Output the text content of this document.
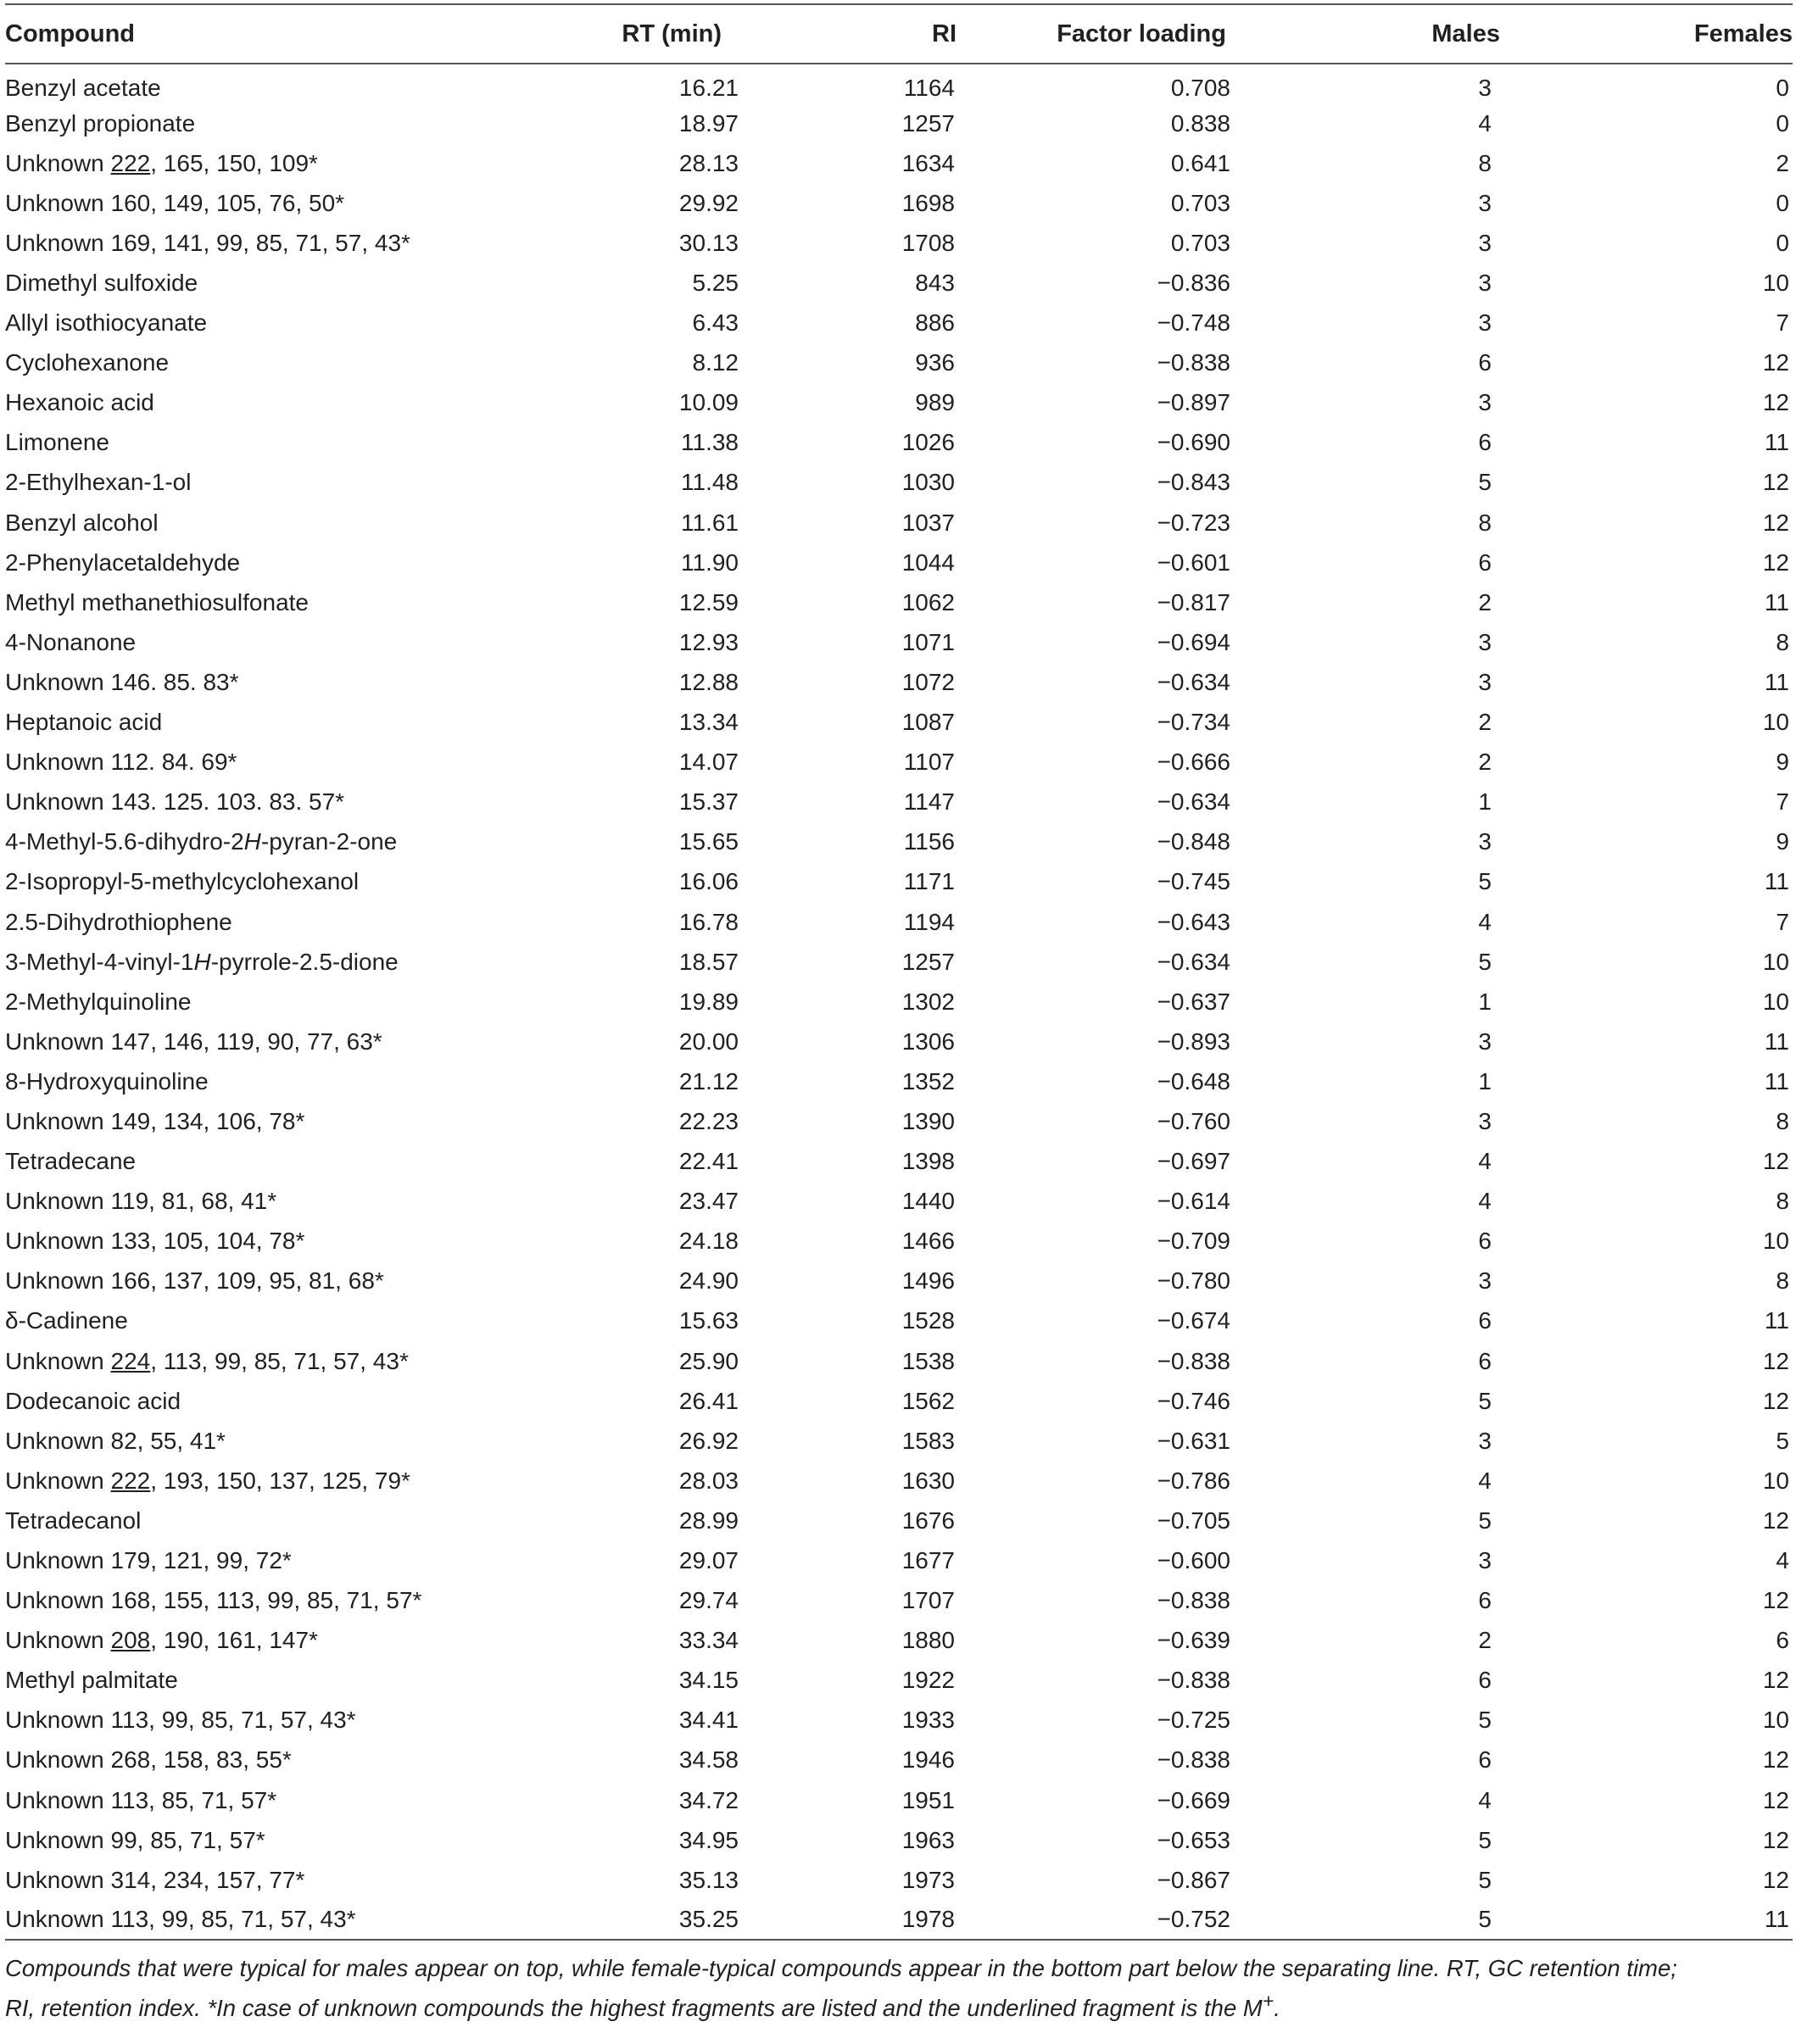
Compound	RT (min)	RI	Factor loading	Males	Females
Benzyl acetate	16.21	1164	0.708	3	0
Benzyl propionate	18.97	1257	0.838	4	0
Unknown 222, 165, 150, 109*	28.13	1634	0.641	8	2
Unknown 160, 149, 105, 76, 50*	29.92	1698	0.703	3	0
Unknown 169, 141, 99, 85, 71, 57, 43*	30.13	1708	0.703	3	0
Dimethyl sulfoxide	5.25	843	−0.836	3	10
Allyl isothiocyanate	6.43	886	−0.748	3	7
Cyclohexanone	8.12	936	−0.838	6	12
Hexanoic acid	10.09	989	−0.897	3	12
Limonene	11.38	1026	−0.690	6	11
2-Ethylhexan-1-ol	11.48	1030	−0.843	5	12
Benzyl alcohol	11.61	1037	−0.723	8	12
2-Phenylacetaldehyde	11.90	1044	−0.601	6	12
Methyl methanethiosulfonate	12.59	1062	−0.817	2	11
4-Nonanone	12.93	1071	−0.694	3	8
Unknown 146. 85. 83*	12.88	1072	−0.634	3	11
Heptanoic acid	13.34	1087	−0.734	2	10
Unknown 112. 84. 69*	14.07	1107	−0.666	2	9
Unknown 143. 125. 103. 83. 57*	15.37	1147	−0.634	1	7
4-Methyl-5.6-dihydro-2H-pyran-2-one	15.65	1156	−0.848	3	9
2-Isopropyl-5-methylcyclohexanol	16.06	1171	−0.745	5	11
2.5-Dihydrothiophene	16.78	1194	−0.643	4	7
3-Methyl-4-vinyl-1H-pyrrole-2.5-dione	18.57	1257	−0.634	5	10
2-Methylquinoline	19.89	1302	−0.637	1	10
Unknown 147, 146, 119, 90, 77, 63*	20.00	1306	−0.893	3	11
8-Hydroxyquinoline	21.12	1352	−0.648	1	11
Unknown 149, 134, 106, 78*	22.23	1390	−0.760	3	8
Tetradecane	22.41	1398	−0.697	4	12
Unknown 119, 81, 68, 41*	23.47	1440	−0.614	4	8
Unknown 133, 105, 104, 78*	24.18	1466	−0.709	6	10
Unknown 166, 137, 109, 95, 81, 68*	24.90	1496	−0.780	3	8
δ-Cadinene	15.63	1528	−0.674	6	11
Unknown 224, 113, 99, 85, 71, 57, 43*	25.90	1538	−0.838	6	12
Dodecanoic acid	26.41	1562	−0.746	5	12
Unknown 82, 55, 41*	26.92	1583	−0.631	3	5
Unknown 222, 193, 150, 137, 125, 79*	28.03	1630	−0.786	4	10
Tetradecanol	28.99	1676	−0.705	5	12
Unknown 179, 121, 99, 72*	29.07	1677	−0.600	3	4
Unknown 168, 155, 113, 99, 85, 71, 57*	29.74	1707	−0.838	6	12
Unknown 208, 190, 161, 147*	33.34	1880	−0.639	2	6
Methyl palmitate	34.15	1922	−0.838	6	12
Unknown 113, 99, 85, 71, 57, 43*	34.41	1933	−0.725	5	10
Unknown 268, 158, 83, 55*	34.58	1946	−0.838	6	12
Unknown 113, 85, 71, 57*	34.72	1951	−0.669	4	12
Unknown 99, 85, 71, 57*	34.95	1963	−0.653	5	12
Unknown 314, 234, 157, 77*	35.13	1973	−0.867	5	12
Unknown 113, 99, 85, 71, 57, 43*	35.25	1978	−0.752	5	11
Compounds that were typical for males appear on top, while female-typical compounds appear in the bottom part below the separating line. RT, GC retention time;
RI, retention index. *In case of unknown compounds the highest fragments are listed and the underlined fragment is the M+.
